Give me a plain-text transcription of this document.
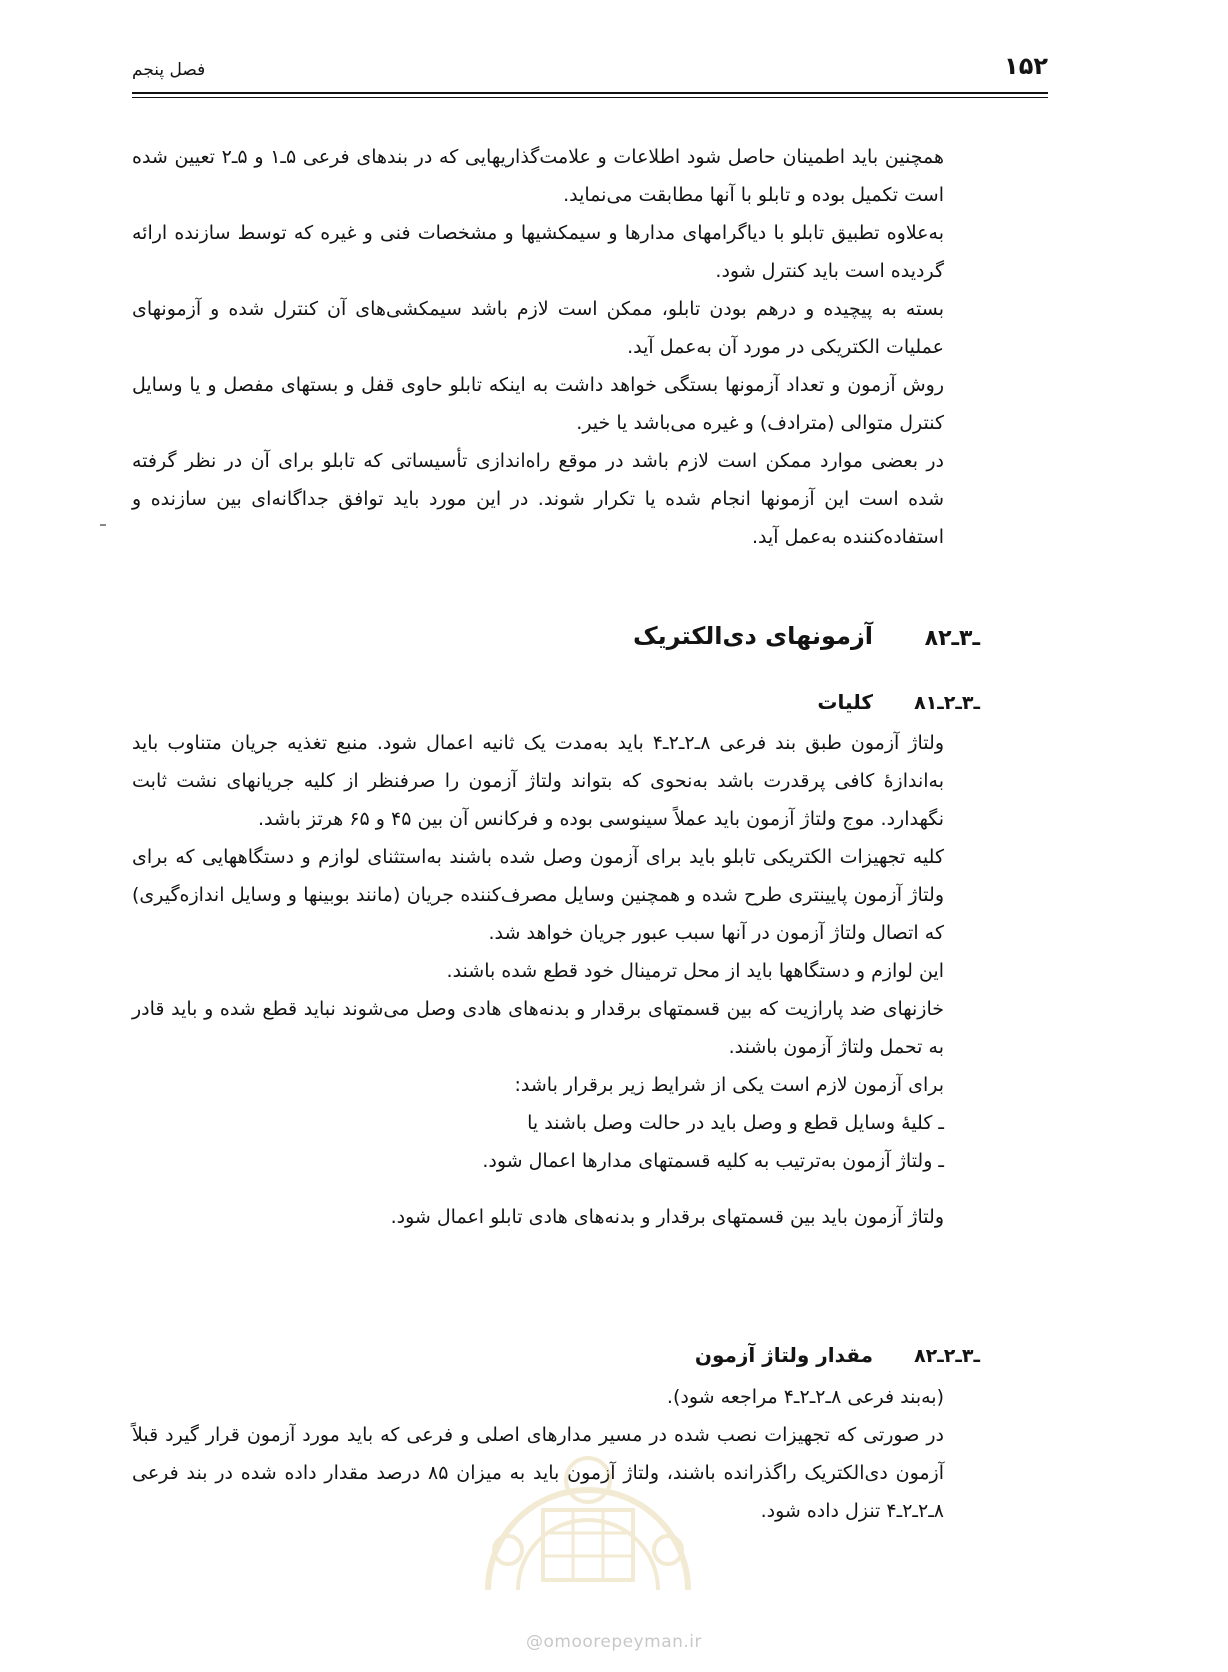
۱۵۲
فصل پنجم

همچنین باید اطمینان حاصل شود اطلاعات و علامت‌گذاریهایی که در بندهای فرعی ۵ـ۱ و ۵ـ۲ تعیین شده است تکمیل بوده و تابلو با آنها مطابقت می‌نماید.

به‌علاوه تطبیق تابلو با دیاگرامهای مدارها و سیمکشیها و مشخصات فنی و غیره که توسط سازنده ارائه گردیده است باید کنترل شود.

بسته به پیچیده و درهم بودن تابلو، ممکن است لازم باشد سیمکشی‌های آن کنترل شده و آزمونهای عملیات الکتریکی در مورد آن به‌عمل آید.

روش آزمون و تعداد آزمونها بستگی خواهد داشت به اینکه تابلو حاوی قفل و بستهای مفصل و یا وسایل کنترل متوالی (مترادف) و غیره می‌باشد یا خیر.

در بعضی موارد ممکن است لازم باشد در موقع راه‌اندازی تأسیساتی که تابلو برای آن در نظر گرفته شده است این آزمونها انجام شده یا تکرار شوند. در این مورد باید توافق جداگانه‌ای بین سازنده و استفاده‌کننده به‌عمل آید.

۸ـ۳ـ۲
آزمونهای دی‌الکتریک
۸ـ۳ـ۲ـ۱
کلیات

ولتاژ آزمون طبق بند فرعی ۸ـ۲ـ۲ـ۴ باید به‌مدت یک ثانیه اعمال شود. منبع تغذیه جریان متناوب باید به‌اندازهٔ کافی پرقدرت باشد به‌نحوی که بتواند ولتاژ آزمون را صرفنظر از کلیه جریانهای نشت ثابت نگهدارد. موج ولتاژ آزمون باید عملاً سینوسی بوده و فرکانس آن بین ۴۵ و ۶۵ هرتز باشد.

کلیه تجهیزات الکتریکی تابلو باید برای آزمون وصل شده باشند به‌استثنای لوازم و دستگاههایی که برای ولتاژ آزمون پایینتری طرح شده و همچنین وسایل مصرف‌کننده جریان (مانند بوبینها و وسایل اندازه‌گیری) که اتصال ولتاژ آزمون در آنها سبب عبور جریان خواهد شد.

این لوازم و دستگاهها باید از محل ترمینال خود قطع شده باشند.

خازنهای ضد پارازیت که بین قسمتهای برقدار و بدنه‌های هادی وصل می‌شوند نباید قطع شده و باید قادر به تحمل ولتاژ آزمون باشند.

برای آزمون لازم است یکی از شرایط زیر برقرار باشد:

ـ کلیهٔ وسایل قطع و وصل باید در حالت وصل باشند یا

ـ ولتاژ آزمون به‌ترتیب به کلیه قسمتهای مدارها اعمال شود.

ولتاژ آزمون باید بین قسمتهای برقدار و بدنه‌های هادی تابلو اعمال شود.

۸ـ۳ـ۲ـ۲
مقدار ولتاژ آزمون

(به‌بند فرعی ۸ـ۲ـ۲ـ۴ مراجعه شود).

در صورتی که تجهیزات نصب شده در مسیر مدارهای اصلی و فرعی که باید مورد آزمون قرار گیرد قبلاً آزمون دی‌الکتریک راگذرانده باشند، ولتاژ آزمون باید به میزان ۸۵ درصد مقدار داده شده در بند فرعی ۸ـ۲ـ۲ـ۴ تنزل داده شود.

@omoorepeyman.ir
